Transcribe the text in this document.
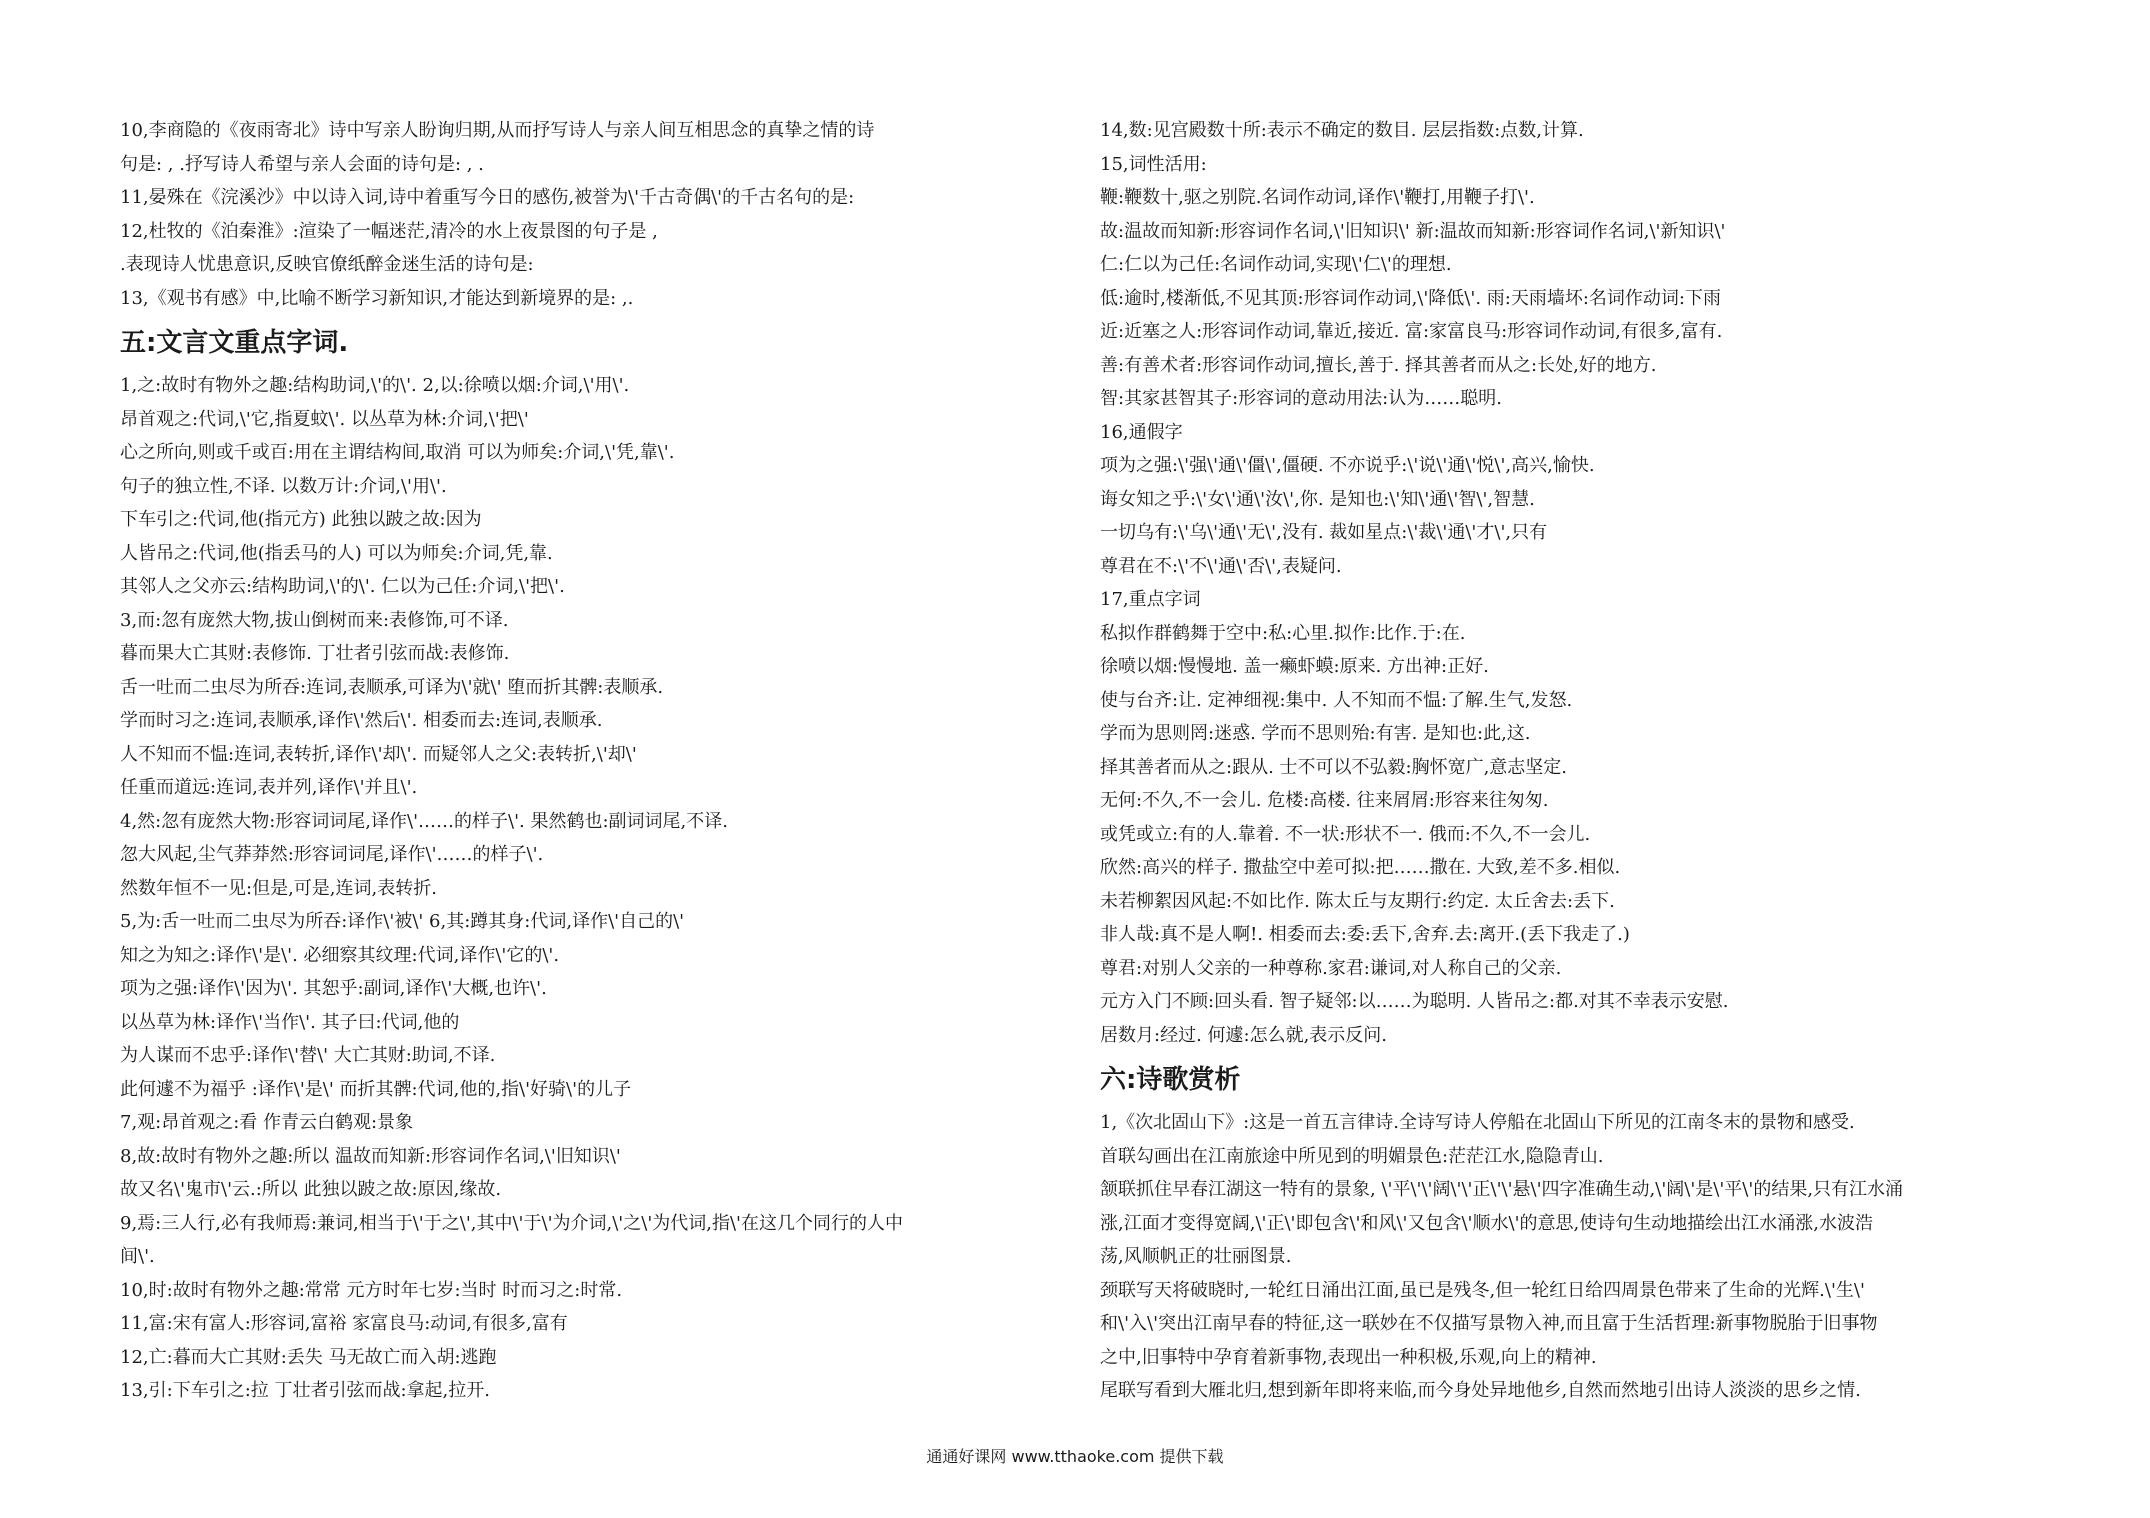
10,李商隐的《夜雨寄北》诗中写亲人盼询归期,从而抒写诗人与亲人间互相思念的真挚之情的诗

句是: , .抒写诗人希望与亲人会面的诗句是: , .

11,晏殊在《浣溪沙》中以诗入词,诗中着重写今日的感伤,被誉为\'千古奇偶\'的千古名句的是:

12,杜牧的《泊秦淮》:渲染了一幅迷茫,清冷的水上夜景图的句子是 ,

.表现诗人忧患意识,反映官僚纸醉金迷生活的诗句是:

13,《观书有感》中,比喻不断学习新知识,才能达到新境界的是: ,.

五:文言文重点字词.

1,之:故时有物外之趣:结构助词,\'的\'. 2,以:徐喷以烟:介词,\'用\'.

昂首观之:代词,\'它,指夏蚊\'. 以丛草为林:介词,\'把\'

心之所向,则或千或百:用在主谓结构间,取消 可以为师矣:介词,\'凭,靠\'.

句子的独立性,不译. 以数万计:介词,\'用\'.

下车引之:代词,他(指元方) 此独以跛之故:因为

人皆吊之:代词,他(指丢马的人) 可以为师矣:介词,凭,靠.

其邻人之父亦云:结构助词,\'的\'. 仁以为己任:介词,\'把\'.

3,而:忽有庞然大物,拔山倒树而来:表修饰,可不译.

暮而果大亡其财:表修饰. 丁壮者引弦而战:表修饰.

舌一吐而二虫尽为所吞:连词,表顺承,可译为\'就\' 堕而折其髀:表顺承.

学而时习之:连词,表顺承,译作\'然后\'. 相委而去:连词,表顺承.

人不知而不愠:连词,表转折,译作\'却\'. 而疑邻人之父:表转折,\'却\'

任重而道远:连词,表并列,译作\'并且\'.

4,然:忽有庞然大物:形容词词尾,译作\'……的样子\'. 果然鹤也:副词词尾,不译.

忽大风起,尘气莽莽然:形容词词尾,译作\'……的样子\'.

然数年恒不一见:但是,可是,连词,表转折.

5,为:舌一吐而二虫尽为所吞:译作\'被\' 6,其:蹲其身:代词,译作\'自己的\'

知之为知之:译作\'是\'. 必细察其纹理:代词,译作\'它的\'.

项为之强:译作\'因为\'. 其恕乎:副词,译作\'大概,也许\'.

以丛草为林:译作\'当作\'. 其子曰:代词,他的

为人谋而不忠乎:译作\'替\' 大亡其财:助词,不译.

此何遽不为福乎 :译作\'是\' 而折其髀:代词,他的,指\'好骑\'的儿子

7,观:昂首观之:看 作青云白鹤观:景象

8,故:故时有物外之趣:所以 温故而知新:形容词作名词,\'旧知识\'

故又名\'鬼市\'云.:所以 此独以跛之故:原因,缘故.

9,焉:三人行,必有我师焉:兼词,相当于\'于之\',其中\'于\'为介词,\'之\'为代词,指\'在这几个同行的人中

间\'.

10,时:故时有物外之趣:常常 元方时年七岁:当时 时而习之:时常.

11,富:宋有富人:形容词,富裕 家富良马:动词,有很多,富有

12,亡:暮而大亡其财:丢失 马无故亡而入胡:逃跑

13,引:下车引之:拉 丁壮者引弦而战:拿起,拉开.

14,数:见宫殿数十所:表示不确定的数目. 层层指数:点数,计算.

15,词性活用:

鞭:鞭数十,驱之别院.名词作动词,译作\'鞭打,用鞭子打\'.

故:温故而知新:形容词作名词,\'旧知识\' 新:温故而知新:形容词作名词,\'新知识\'

仁:仁以为己任:名词作动词,实现\'仁\'的理想.

低:逾时,楼渐低,不见其顶:形容词作动词,\'降低\'. 雨:天雨墙坏:名词作动词:下雨

近:近塞之人:形容词作动词,靠近,接近. 富:家富良马:形容词作动词,有很多,富有.

善:有善术者:形容词作动词,擅长,善于. 择其善者而从之:长处,好的地方.

智:其家甚智其子:形容词的意动用法:认为……聪明.

16,通假字

项为之强:\'强\'通\'僵\',僵硬. 不亦说乎:\'说\'通\'悦\',高兴,愉快.

诲女知之乎:\'女\'通\'汝\',你. 是知也:\'知\'通\'智\',智慧.

一切乌有:\'乌\'通\'无\',没有. 裁如星点:\'裁\'通\'才\',只有

尊君在不:\'不\'通\'否\',表疑问.

17,重点字词

私拟作群鹤舞于空中:私:心里.拟作:比作.于:在.

徐喷以烟:慢慢地. 盖一癞虾蟆:原来. 方出神:正好.

使与台齐:让. 定神细视:集中. 人不知而不愠:了解.生气,发怒.

学而为思则罔:迷惑. 学而不思则殆:有害. 是知也:此,这.

择其善者而从之:跟从. 士不可以不弘毅:胸怀宽广,意志坚定.

无何:不久,不一会儿. 危楼:高楼. 往来屑屑:形容来往匆匆.

或凭或立:有的人.靠着. 不一状:形状不一. 俄而:不久,不一会儿.

欣然:高兴的样子. 撒盐空中差可拟:把……撒在. 大致,差不多.相似.

未若柳絮因风起:不如比作. 陈太丘与友期行:约定. 太丘舍去:丢下.

非人哉:真不是人啊!. 相委而去:委:丢下,舍弃.去:离开.(丢下我走了.)

尊君:对别人父亲的一种尊称.家君:谦词,对人称自己的父亲.

元方入门不顾:回头看. 智子疑邻:以……为聪明. 人皆吊之:都.对其不幸表示安慰.

居数月:经过. 何遽:怎么就,表示反问.

六:诗歌赏析

1,《次北固山下》:这是一首五言律诗.全诗写诗人停船在北固山下所见的江南冬末的景物和感受.

首联勾画出在江南旅途中所见到的明媚景色:茫茫江水,隐隐青山.

颔联抓住早春江湖这一特有的景象, \'平\'\'阔\'\'正\'\'悬\'四字准确生动,\'阔\'是\'平\'的结果,只有江水涌

涨,江面才变得宽阔,\'正\'即包含\'和风\'又包含\'顺水\'的意思,使诗句生动地描绘出江水涌涨,水波浩

荡,风顺帆正的壮丽图景.

颈联写天将破晓时,一轮红日涌出江面,虽已是残冬,但一轮红日给四周景色带来了生命的光辉.\'生\'

和\'入\'突出江南早春的特征,这一联妙在不仅描写景物入神,而且富于生活哲理:新事物脱胎于旧事物

之中,旧事特中孕育着新事物,表现出一种积极,乐观,向上的精神.

尾联写看到大雁北归,想到新年即将来临,而今身处异地他乡,自然而然地引出诗人淡淡的思乡之情.

通通好课网 www.tthaoke.com 提供下载
